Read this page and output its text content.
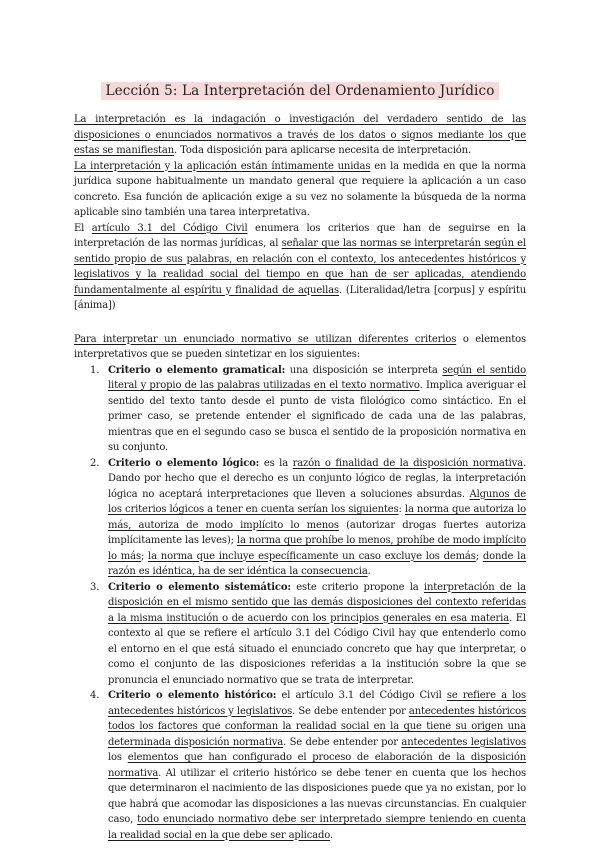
Lección 5: La Interpretación del Ordenamiento Jurídico

La interpretación es la indagación o investigación del verdadero sentido de las disposiciones o enunciados normativos a través de los datos o signos mediante los que estas se manifiestan. Toda disposición para aplicarse necesita de interpretación.

La interpretación y la aplicación están íntimamente unidas en la medida en que la norma jurídica supone habitualmente un mandato general que requiere la aplicación a un caso concreto. Esa función de aplicación exige a su vez no solamente la búsqueda de la norma aplicable sino también una tarea interpretativa.

El artículo 3.1 del Código Civil enumera los criterios que han de seguirse en la interpretación de las normas jurídicas, al señalar que las normas se interpretarán según el sentido propio de sus palabras, en relación con el contexto, los antecedentes históricos y legislativos y la realidad social del tiempo en que han de ser aplicadas, atendiendo fundamentalmente al espíritu y finalidad de aquellas. (Literalidad/letra [corpus] y espíritu [ánima])

Para interpretar un enunciado normativo se utilizan diferentes criterios o elementos interpretativos que se pueden sintetizar en los siguientes:

1. Criterio o elemento gramatical: una disposición se interpreta según el sentido literal y propio de las palabras utilizadas en el texto normativo. Implica averiguar el sentido del texto tanto desde el punto de vista filológico como sintáctico. En el primer caso, se pretende entender el significado de cada una de las palabras, mientras que en el segundo caso se busca el sentido de la proposición normativa en su conjunto.
2. Criterio o elemento lógico: es la razón o finalidad de la disposición normativa. Dando por hecho que el derecho es un conjunto lógico de reglas, la interpretación lógica no aceptará interpretaciones que lleven a soluciones absurdas. Algunos de los criterios lógicos a tener en cuenta serían los siguientes: la norma que autoriza lo más, autoriza de modo implícito lo menos (autorizar drogas fuertes autoriza implícitamente las leves); la norma que prohíbe lo menos, prohíbe de modo implícito lo más; la norma que incluye específicamente un caso excluye los demás; donde la razón es idéntica, ha de ser idéntica la consecuencia.
3. Criterio o elemento sistemático: este criterio propone la interpretación de la disposición en el mismo sentido que las demás disposiciones del contexto referidas a la misma institución o de acuerdo con los principios generales en esa materia. El contexto al que se refiere el artículo 3.1 del Código Civil hay que entenderlo como el entorno en el que está situado el enunciado concreto que hay que interpretar, o como el conjunto de las disposiciones referidas a la institución sobre la que se pronuncia el enunciado normativo que se trata de interpretar.
4. Criterio o elemento histórico: el artículo 3.1 del Código Civil se refiere a los antecedentes históricos y legislativos. Se debe entender por antecedentes históricos todos los factores que conforman la realidad social en la que tiene su origen una determinada disposición normativa. Se debe entender por antecedentes legislativos los elementos que han configurado el proceso de elaboración de la disposición normativa. Al utilizar el criterio histórico se debe tener en cuenta que los hechos que determinaron el nacimiento de las disposiciones puede que ya no existan, por lo que habrá que acomodar las disposiciones a las nuevas circunstancias. En cualquier caso, todo enunciado normativo debe ser interpretado siempre teniendo en cuenta la realidad social en la que debe ser aplicado.
